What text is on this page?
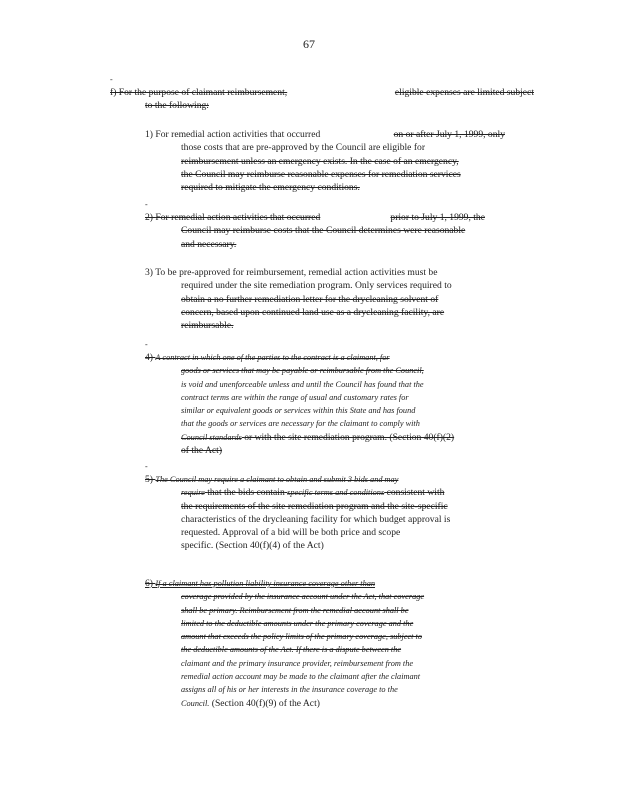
67
-
f) For the purpose of claimant reimbursement,	eligible expenses are limited subject
to the following:
1) For remedial action activities that occurred	on or after July 1, 1999, only
those costs that are pre-approved by the Council are eligible for
reimbursement unless an emergency exists. In the case of an emergency,
the Council may reimburse reasonable expenses for remediation services
required to mitigate the emergency conditions.
-
2) For remedial action activities that occurred	prior to July 1, 1999, the
Council may reimburse costs that the Council determines were reasonable
and necessary.
3) To be pre-approved for reimbursement, remedial action activities must be
required under the site remediation program. Only services required to
obtain a no further remediation letter for the drycleaning solvent of
concern, based upon continued land use as a drycleaning facility, are
reimbursable.
-
4) A contract in which one of the parties to the contract is a claimant, for
goods or services that may be payable or reimbursable from the Council,
is void and unenforceable unless and until the Council has found that the
contract terms are within the range of usual and customary rates for
similar or equivalent goods or services within this State and has found
that the goods or services are necessary for the claimant to comply with
Council standards or with the site remediation program. (Section 40(f)(2)
of the Act)
-
5) The Council may require a claimant to obtain and submit 3 bids and may
require that the bids contain specific terms and conditions consistent with
the requirements of the site remediation program and the site-specific
characteristics of the drycleaning facility for which budget approval is
requested. Approval of a bid will be both price and scope
specific. (Section 40(f)(4) of the Act)
6) If a claimant has pollution liability insurance coverage other than
coverage provided by the insurance account under the Act, that coverage
shall be primary. Reimbursement from the remedial account shall be
limited to the deductible amounts under the primary coverage and the
amount that exceeds the policy limits of the primary coverage, subject to
the deductible amounts of the Act. If there is a dispute between the
claimant and the primary insurance provider, reimbursement from the
remedial action account may be made to the claimant after the claimant
assigns all of his or her interests in the insurance coverage to the
Council. (Section 40(f)(9) of the Act)
